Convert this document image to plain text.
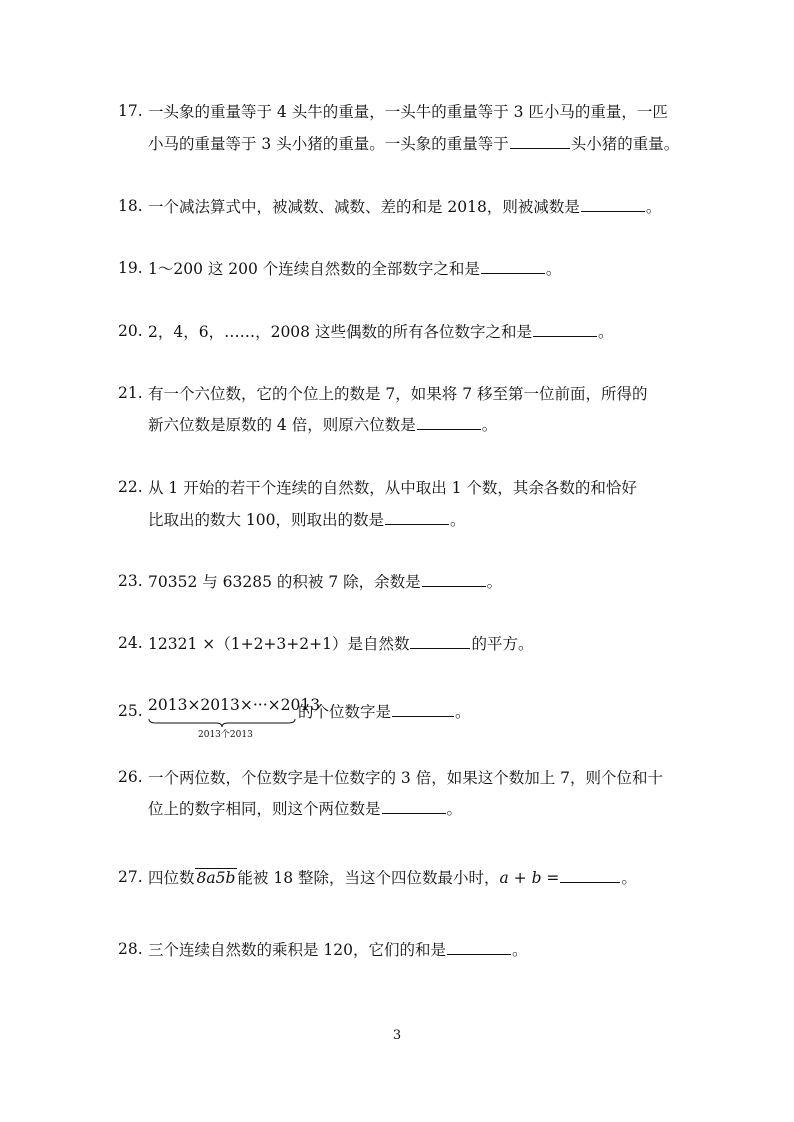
17. 一头象的重量等于 4 头牛的重量，一头牛的重量等于 3 匹小马的重量，一匹
小马的重量等于 3 头小猪的重量。一头象的重量等于	头小猪的重量。
18. 一个减法算式中，被减数、减数、差的和是 2018，则被减数是	。
19. 1～200 这 200 个连续自然数的全部数字之和是	。
20. 2，4，6，……，2008 这些偶数的所有各位数字之和是	。
21. 有一个六位数，它的个位上的数是 7，如果将 7 移至第一位前面，所得的
新六位数是原数的 4 倍，则原六位数是	。
22. 从 1 开始的若干个连续的自然数，从中取出 1 个数，其余各数的和恰好
比取出的数大 100，则取出的数是	。
23. 70352 与 63285 的积被 7 除，余数是	。
24. 12321 ×（1+2+3+2+1）是自然数	的平方。
25. 2013×2013×···×2013
2013个2013
的个位数字是	。
26. 一个两位数，个位数字是十位数字的 3 倍，如果这个数加上 7，则个位和十
位上的数字相同，则这个两位数是	。
27. 四位数 8a5b 能被 18 整除，当这个四位数最小时，a + b =	。
28. 三个连续自然数的乘积是 120，它们的和是	。
3
